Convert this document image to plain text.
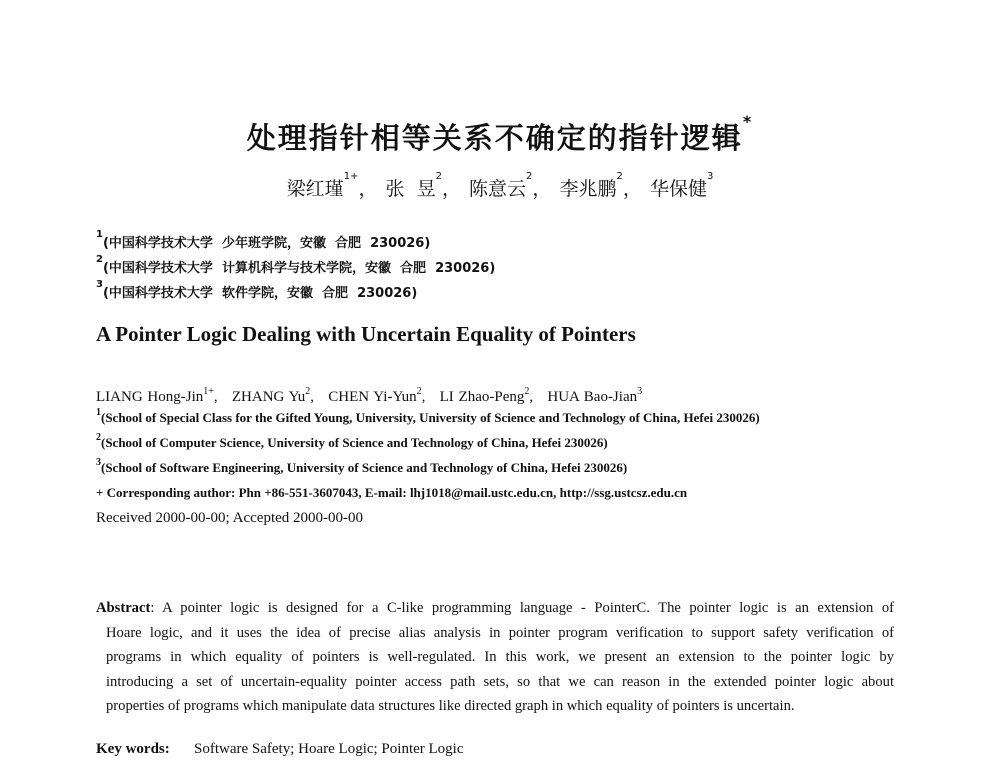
处理指针相等关系不确定的指针逻辑*
梁红瑾$^{1+}$， 张  昱$^2$， 陈意云$^2$， 李兆鹏$^2$， 华保健$^3$
$^1$(中国科学技术大学  少年班学院，安徽  合肥  230026)
$^2$(中国科学技术大学  计算机科学与技术学院，安徽  合肥  230026)
$^3$(中国科学技术大学  软件学院，安徽  合肥  230026)
A Pointer Logic Dealing with Uncertain Equality of Pointers

LIANG Hong-Jin$^{1+}$,   ZHANG Yu$^2$,   CHEN Yi-Yun$^2$,   LI Zhao-Peng$^2$,   HUA Bao-Jian$^3$

$^1$(School of Special Class for the Gifted Young, University, University of Science and Technology of China, Hefei 230026)
$^2$(School of Computer Science, University of Science and Technology of China, Hefei 230026)
$^3$(School of Software Engineering, University of Science and Technology of China, Hefei 230026)
+ Corresponding author: Phn +86-551-3607043, E-mail: lhj1018@mail.ustc.edu.cn, http://ssg.ustcsz.edu.cn
Received 2000-00-00; Accepted 2000-00-00
Abstract: A pointer logic is designed for a C-like programming language - PointerC. The pointer logic is an extension of
Hoare logic, and it uses the idea of precise alias analysis in pointer program verification to support safety verification of
programs in which equality of pointers is well-regulated. In this work, we present an extension to the pointer logic by
introducing a set of uncertain-equality pointer access path sets, so that we can reason in the extended pointer logic about
properties of programs which manipulate data structures like directed graph in which equality of pointers is uncertain.
Key words: Software Safety; Hoare Logic; Pointer Logic
